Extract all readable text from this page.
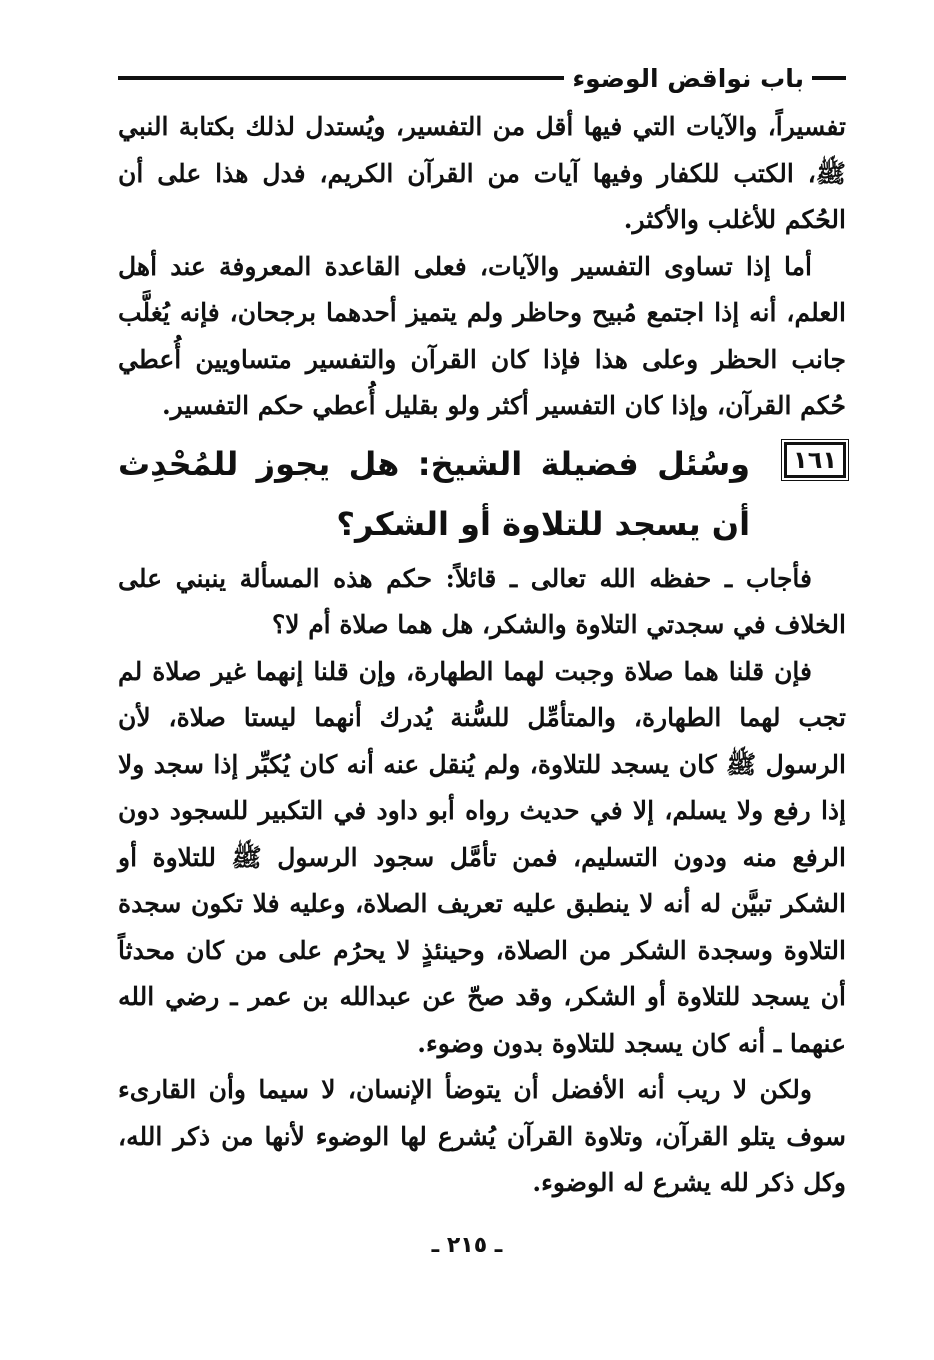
باب نواقض الوضوء

تفسيراً، والآيات التي فيها أقل من التفسير، ويُستدل لذلك بكتابة النبي ﷺ، الكتب للكفار وفيها آيات من القرآن الكريم، فدل هذا على أن الحُكم للأغلب والأكثر.

أما إذا تساوى التفسير والآيات، فعلى القاعدة المعروفة عند أهل العلم، أنه إذا اجتمع مُبيح وحاظر ولم يتميز أحدهما برجحان، فإنه يُغلَّب جانب الحظر وعلى هذا فإذا كان القرآن والتفسير متساويين أُعطي حُكم القرآن، وإذا كان التفسير أكثر ولو بقليل أُعطي حكم التفسير.

١٦١
وسُئل فضيلة الشيخ: هل يجوز للمُحْدِث أن يسجد للتلاوة أو الشكر؟

فأجاب ـ حفظه الله تعالى ـ قائلاً: حكم هذه المسألة ينبني على الخلاف في سجدتي التلاوة والشكر، هل هما صلاة أم لا؟

فإن قلنا هما صلاة وجبت لهما الطهارة، وإن قلنا إنهما غير صلاة لم تجب لهما الطهارة، والمتأمِّل للسُّنة يُدرك أنهما ليستا صلاة، لأن الرسول ﷺ كان يسجد للتلاوة، ولم يُنقل عنه أنه كان يُكبِّر إذا سجد ولا إذا رفع ولا يسلم، إلا في حديث رواه أبو داود في التكبير للسجود دون الرفع منه ودون التسليم، فمن تأمَّل سجود الرسول ﷺ للتلاوة أو الشكر تبيَّن له أنه لا ينطبق عليه تعريف الصلاة، وعليه فلا تكون سجدة التلاوة وسجدة الشكر من الصلاة، وحينئذٍ لا يحرُم على من كان محدثاً أن يسجد للتلاوة أو الشكر، وقد صحّ عن عبدالله بن عمر ـ رضي الله عنهما ـ أنه كان يسجد للتلاوة بدون وضوء.

ولكن لا ريب أنه الأفضل أن يتوضأ الإنسان، لا سيما وأن القارىء سوف يتلو القرآن، وتلاوة القرآن يُشرع لها الوضوء لأنها من ذكر الله، وكل ذكر لله يشرع له الوضوء.

ـ ٢١٥ ـ
